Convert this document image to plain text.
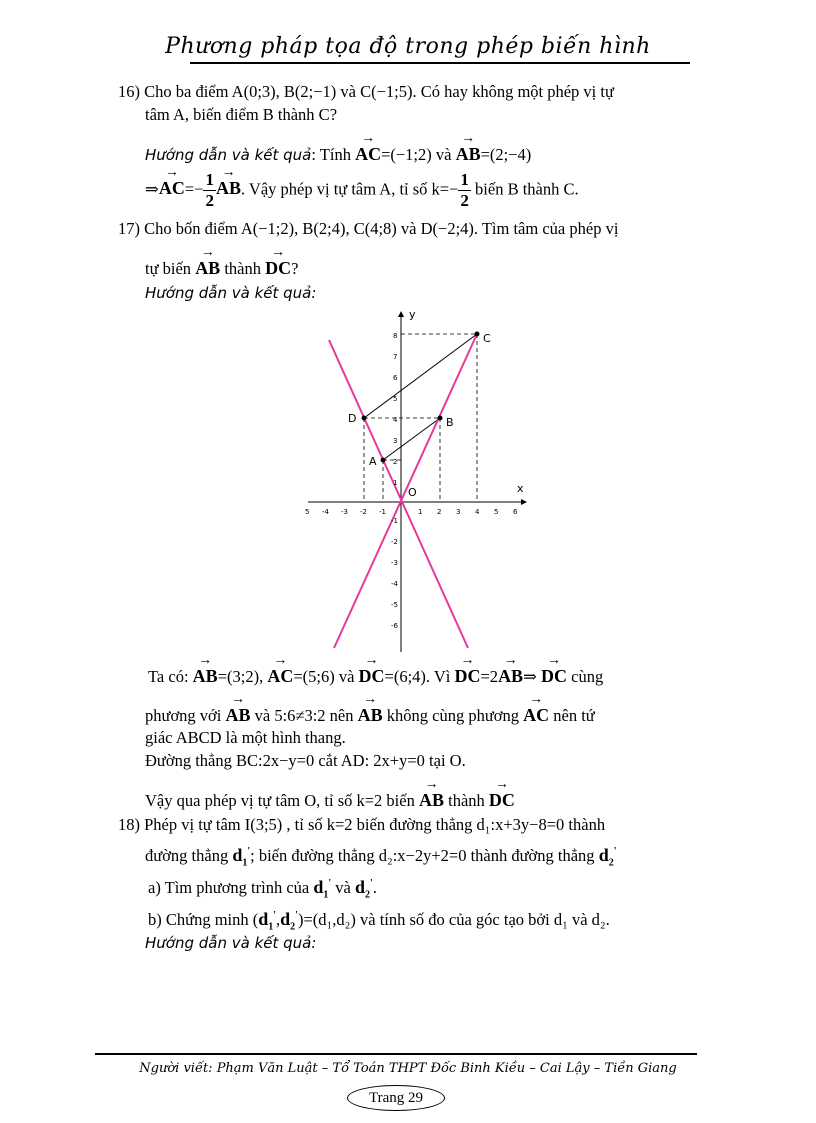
Phương pháp tọa độ trong phép biến hình
16) Cho ba điểm A(0;3), B(2;−1) và C(−1;5). Có hay không một phép vị tự
tâm A, biến điểm B thành C?
Hướng dẫn và kết quả: Tính → AC=(−1;2) và → AB=(2;−4)
⇒→ $AC=- \frac{1}{2}$
→ AB. Vậy phép vị tự tâm A, tỉ số $k=- \frac{1}{2}$ biến B thành C.
17) Cho bốn điểm A(−1;2), B(2;4), C(4;8) và D(−2;4). Tìm tâm của phép vị
tự biến → AB thành → DC?
Hướng dẫn và kết quả:
A
B
C
D
O	x
y
5 -4 -3 -2 -1	1 2 3 4 5 6
1
2
3
4
5
6
7
8
-1
-2
-3
-4
-5
-6
Ta có: → AB=(3;2), → AC=(5;6) và → DC=(6;4). Vì → DC=2→ AB⇒ → DC cùng
phương với → AB và 5:6≠3:2 nên → AB không cùng phương → AC nên tứ
giác ABCD là một hình thang.
Đường thẳng BC:2x−y=0 cắt AD: 2x+y=0 tại O.
Vậy qua phép vị tự tâm O, tỉ số k=2 biến → AB thành → DC
18) Phép vị tự tâm I(3;5) , tỉ số k=2 biến đường thẳng d₁:x+3y−8=0 thành
đường thẳng $d_1'$; biến đường thẳng d₂:x−2y+2=0 thành đường thẳng $d_2'$
a) Tìm phương trình của $d_1'$ và $d_2'$.
b) Chứng minh $(d_1',d_2')=(d_1,d_2)$ và tính số đo của góc tạo bởi d₁ và d₂.
Hướng dẫn và kết quả:
Người viết: Phạm Văn Luật – Tổ Toán THPT Đốc Binh Kiều – Cai Lậy – Tiền Giang
Trang 29
